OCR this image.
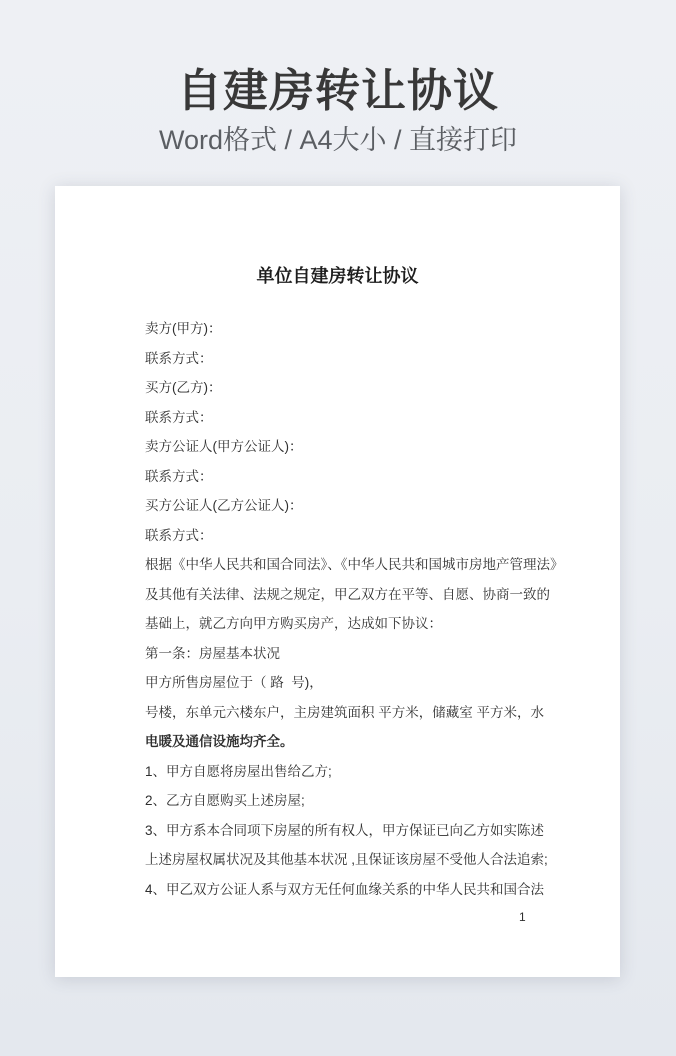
自建房转让协议
Word格式 / A4大小 / 直接打印
单位自建房转让协议
卖方(甲方)：
联系方式：
买方(乙方)：
联系方式：
卖方公证人(甲方公证人)：
联系方式：
买方公证人(乙方公证人)：
联系方式：
根据《中华人民共和国合同法》、《中华人民共和国城市房地产管理法》
及其他有关法律、法规之规定，甲乙双方在平等、自愿、协商一致的
基础上，就乙方向甲方购买房产，达成如下协议：
第一条：房屋基本状况
甲方所售房屋位于（ 路  号)，
号楼，东单元六楼东户，主房建筑面积 平方米，储藏室 平方米，水
电暖及通信设施均齐全。
1、甲方自愿将房屋出售给乙方;
2、乙方自愿购买上述房屋;
3、甲方系本合同项下房屋的所有权人，甲方保证已向乙方如实陈述
上述房屋权属状况及其他基本状况 ,且保证该房屋不受他人合法追索;
4、甲乙双方公证人系与双方无任何血缘关系的中华人民共和国合法
1
